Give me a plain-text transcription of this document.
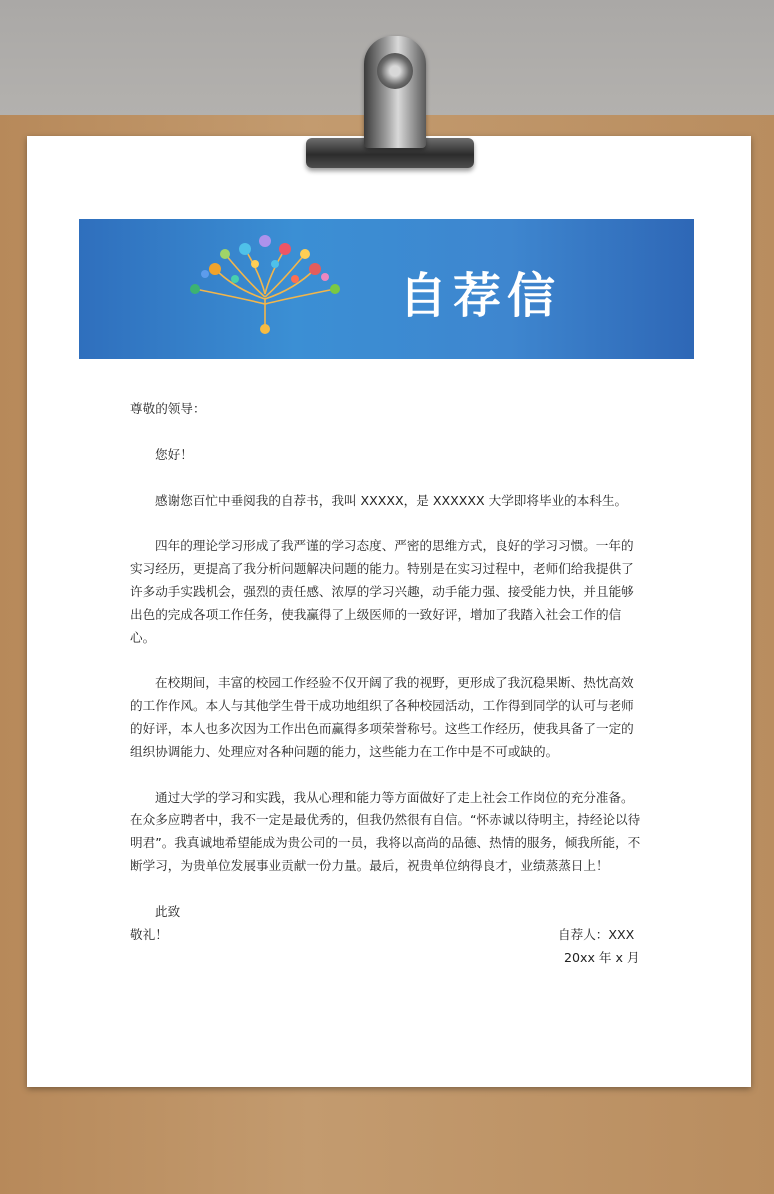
自荐信

尊敬的领导：

您好！

感谢您百忙中垂阅我的自荐书，我叫 XXXXX，是 XXXXXX 大学即将毕业的本科生。

四年的理论学习形成了我严谨的学习态度、严密的思维方式，良好的学习习惯。一年的实习经历，更提高了我分析问题解决问题的能力。特别是在实习过程中，老师们给我提供了许多动手实践机会，强烈的责任感、浓厚的学习兴趣，动手能力强、接受能力快，并且能够出色的完成各项工作任务，使我赢得了上级医师的一致好评，增加了我踏入社会工作的信心。

在校期间，丰富的校园工作经验不仅开阔了我的视野，更形成了我沉稳果断、热忱高效的工作作风。本人与其他学生骨干成功地组织了各种校园活动，工作得到同学的认可与老师的好评，本人也多次因为工作出色而赢得多项荣誉称号。这些工作经历，使我具备了一定的组织协调能力、处理应对各种问题的能力，这些能力在工作中是不可或缺的。

通过大学的学习和实践，我从心理和能力等方面做好了走上社会工作岗位的充分准备。在众多应聘者中，我不一定是最优秀的，但我仍然很有自信。“怀赤诚以待明主，持经论以待明君”。我真诚地希望能成为贵公司的一员，我将以高尚的品德、热情的服务，倾我所能，不断学习，为贵单位发展事业贡献一份力量。最后，祝贵单位纳得良才，业绩蒸蒸日上！

此致

敬礼！	自荐人：XXX
20xx 年 x 月
